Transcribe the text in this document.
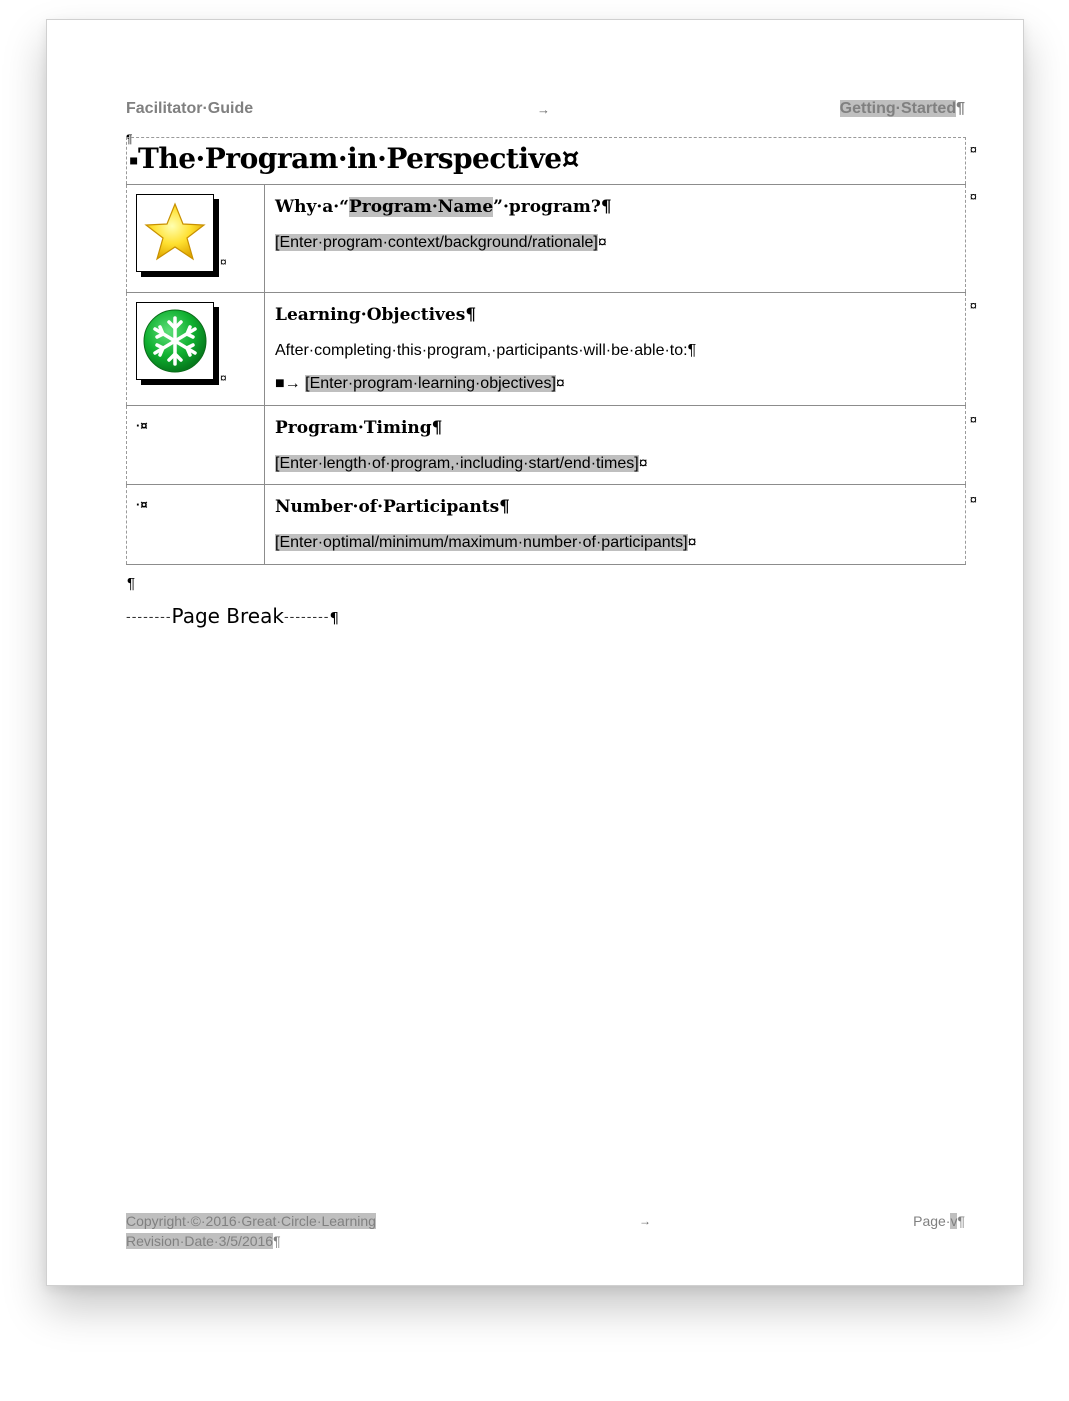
Facilitator·Guide	→	Getting·Started¶
¶
▪The·Program·in·Perspective¤	

¤	Why·a·“Program·Name”·program?¶
[Enter·program·context/background/rationale]¤

¤	Learning·Objectives¶
After·completing·this·program,·participants·will·be·able·to:¶
■→ [Enter·program·learning·objectives]¤

·¤	Program·Timing¶
[Enter·length·of·program,·including·start/end·times]¤

·¤	Number·of·Participants¶
[Enter·optimal/minimum/maximum·number·of·participants]¤
¤
¤
¤
¤
¤
¶
--------Page Break--------¶
Copyright·©·2016·Great·Circle·Learning
Revision·Date·3/5/2016¶
→	Page·v¶
